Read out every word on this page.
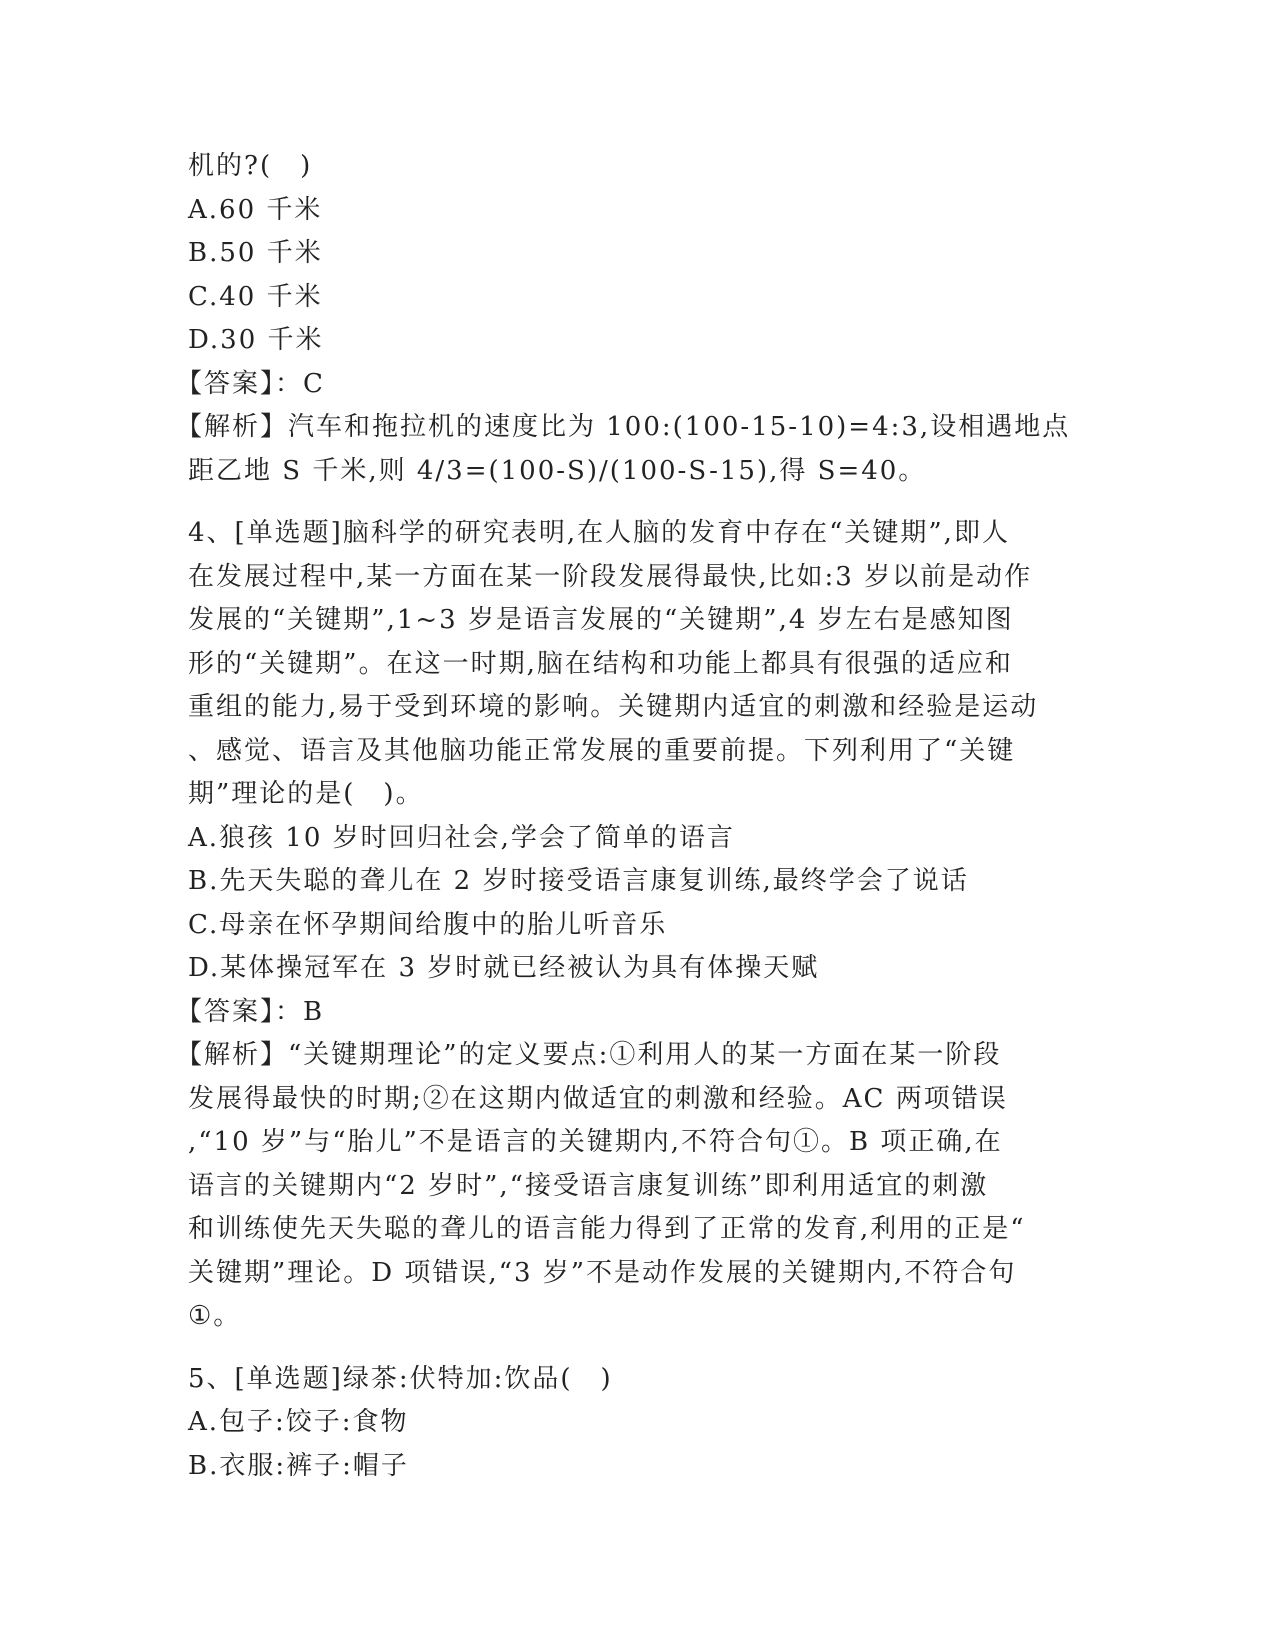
机的?(　)
A.60 千米
B.50 千米
C.40 千米
D.30 千米
【答案】：C
【解析】汽车和拖拉机的速度比为 100:(100-15-10)=4:3,设相遇地点
距乙地 S 千米,则 4/3=(100-S)/(100-S-15),得 S=40。
4、[单选题]脑科学的研究表明,在人脑的发育中存在“关键期”,即人
在发展过程中,某一方面在某一阶段发展得最快,比如:3 岁以前是动作
发展的“关键期”,1~3 岁是语言发展的“关键期”,4 岁左右是感知图
形的“关键期”。在这一时期,脑在结构和功能上都具有很强的适应和
重组的能力,易于受到环境的影响。关键期内适宜的刺激和经验是运动
、感觉、语言及其他脑功能正常发展的重要前提。下列利用了“关键
期”理论的是(　)。
A.狼孩 10 岁时回归社会,学会了简单的语言
B.先天失聪的聋儿在 2 岁时接受语言康复训练,最终学会了说话
C.母亲在怀孕期间给腹中的胎儿听音乐
D.某体操冠军在 3 岁时就已经被认为具有体操天赋
【答案】：B
【解析】“关键期理论”的定义要点:①利用人的某一方面在某一阶段
发展得最快的时期;②在这期内做适宜的刺激和经验。AC 两项错误
,“10 岁”与“胎儿”不是语言的关键期内,不符合句①。B 项正确,在
语言的关键期内“2 岁时”,“接受语言康复训练”即利用适宜的刺激
和训练使先天失聪的聋儿的语言能力得到了正常的发育,利用的正是“
关键期”理论。D 项错误,“3 岁”不是动作发展的关键期内,不符合句
①。
5、[单选题]绿茶:伏特加:饮品(　)
A.包子:饺子:食物
B.衣服:裤子:帽子
